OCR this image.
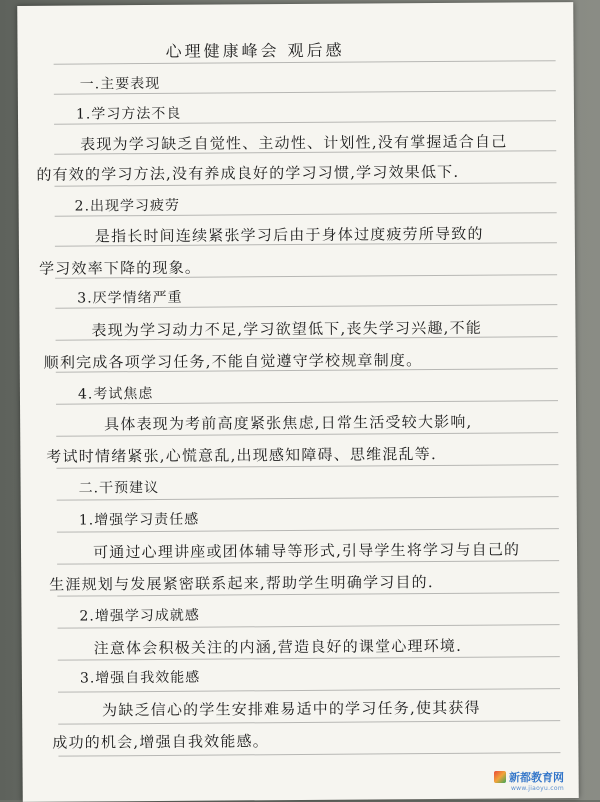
心理健康峰会 观后感
一.主要表现
1.学习方法不良
表现为学习缺乏自觉性、主动性、计划性,没有掌握适合自己
的有效的学习方法,没有养成良好的学习习惯,学习效果低下.
2.出现学习疲劳
是指长时间连续紧张学习后由于身体过度疲劳所导致的
学习效率下降的现象。
3.厌学情绪严重
表现为学习动力不足,学习欲望低下,丧失学习兴趣,不能
顺利完成各项学习任务,不能自觉遵守学校规章制度。
4.考试焦虑
具体表现为考前高度紧张焦虑,日常生活受较大影响,
考试时情绪紧张,心慌意乱,出现感知障碍、思维混乱等.
二.干预建议
1.增强学习责任感
可通过心理讲座或团体辅导等形式,引导学生将学习与自己的
生涯规划与发展紧密联系起来,帮助学生明确学习目的.
2.增强学习成就感
注意体会积极关注的内涵,营造良好的课堂心理环境.
3.增强自我效能感
为缺乏信心的学生安排难易适中的学习任务,使其获得
成功的机会,增强自我效能感。
新都教育网
www.jiaoyu.com
